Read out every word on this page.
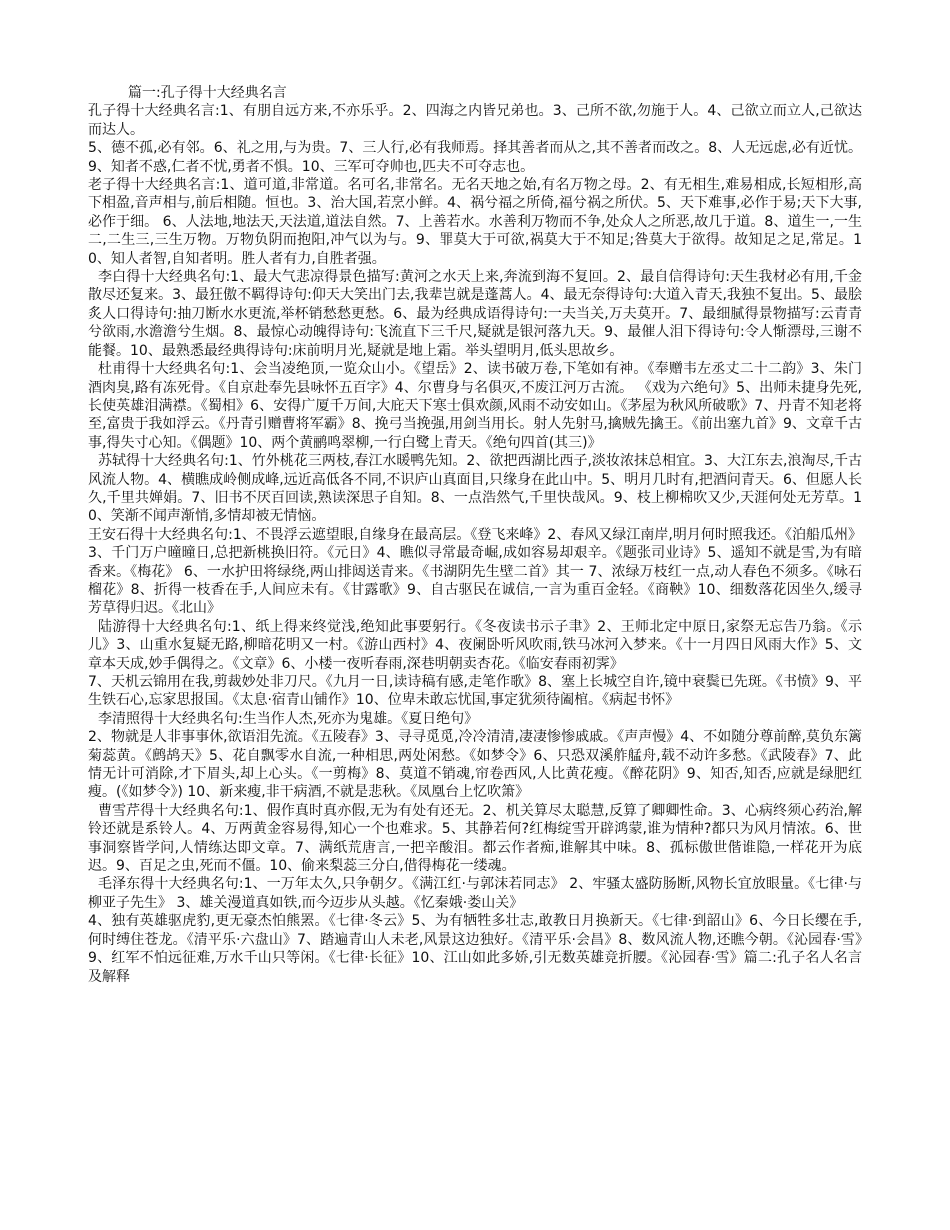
篇一:孔子得十大经典名言

孔子得十大经典名言:1、有朋自远方来,不亦乐乎。2、四海之内皆兄弟也。3、己所不欲,勿施于人。4、己欲立而立人,己欲达而达人。

5、德不孤,必有邻。6、礼之用,与为贵。7、三人行,必有我师焉。择其善者而从之,其不善者而改之。8、人无远虑,必有近忧。9、知者不惑,仁者不忧,勇者不惧。10、三军可夺帅也,匹夫不可夺志也。

老子得十大经典名言:1、道可道,非常道。名可名,非常名。无名天地之始,有名万物之母。2、有无相生,难易相成,长短相形,高下相盈,音声相与,前后相随。恒也。3、治大国,若烹小鲜。4、祸兮福之所倚,福兮祸之所伏。5、天下难事,必作于易;天下大事,必作于细。 6、人法地,地法天,天法道,道法自然。7、上善若水。水善利万物而不争,处众人之所恶,故几于道。8、道生一,一生二,二生三,三生万物。万物负阴而抱阳,冲气以为与。9、罪莫大于可欲,祸莫大于不知足;咎莫大于欲得。故知足之足,常足。10、知人者智,自知者明。胜人者有力,自胜者强。

李白得十大经典名句:1、最大气悲凉得景色描写:黄河之水天上来,奔流到海不复回。2、最自信得诗句:天生我材必有用,千金散尽还复来。3、最狂傲不羁得诗句:仰天大笑出门去,我辈岂就是蓬蒿人。4、最无奈得诗句:大道入青天,我独不复出。5、最脍炙人口得诗句:抽刀断水水更流,举杯销愁愁更愁。6、最为经典成语得诗句:一夫当关,万夫莫开。7、最细腻得景物描写:云青青兮欲雨,水澹澹兮生烟。8、最惊心动魄得诗句:飞流直下三千尺,疑就是银河落九天。9、最催人泪下得诗句:令人惭漂母,三谢不能餐。10、最熟悉最经典得诗句:床前明月光,疑就是地上霜。举头望明月,低头思故乡。

杜甫得十大经典名句:1、会当凌绝顶,一览众山小。《望岳》2、读书破万卷,下笔如有神。《奉赠韦左丞丈二十二韵》3、朱门酒肉臭,路有冻死骨。《自京赴奉先县咏怀五百字》4、尔曹身与名俱灭,不废江河万古流。 《戏为六绝句》5、出师未捷身先死,长使英雄泪满襟。《蜀相》6、安得广厦千万间,大庇天下寒士俱欢颜,风雨不动安如山。《茅屋为秋风所破歌》7、丹青不知老将至,富贵于我如浮云。《丹青引赠曹将军霸》8、挽弓当挽强,用剑当用长。射人先射马,擒贼先擒王。《前出塞九首》9、文章千古事,得失寸心知。《偶题》10、两个黄鹂鸣翠柳,一行白鹭上青天。《绝句四首(其三)》

苏轼得十大经典名句:1、竹外桃花三两枝,春江水暖鸭先知。2、欲把西湖比西子,淡妆浓抹总相宜。3、大江东去,浪淘尽,千古风流人物。4、横瞧成岭侧成峰,远近高低各不同,不识庐山真面目,只缘身在此山中。5、明月几时有,把酒问青天。6、但愿人长久,千里共婵娟。7、旧书不厌百回读,熟读深思子自知。8、一点浩然气,千里快哉风。9、枝上柳棉吹又少,天涯何处无芳草。10、笑渐不闻声渐悄,多情却被无情恼。

王安石得十大经典名句:1、不畏浮云遮望眼,自缘身在最高层。《登飞来峰》2、春风又绿江南岸,明月何时照我还。《泊船瓜州》3、千门万户曈曈日,总把新桃换旧符。《元日》4、瞧似寻常最奇崛,成如容易却艰辛。《题张司业诗》5、遥知不就是雪,为有暗香来。《梅花》 6、一水护田将绿绕,两山排闼送青来。《书湖阴先生壁二首》其一 7、浓绿万枝红一点,动人春色不须多。《咏石榴花》8、折得一枝香在手,人间应未有。《甘露歌》9、自古驱民在诚信,一言为重百金轻。《商鞅》10、细数落花因坐久,缓寻芳草得归迟。《北山》

陆游得十大经典名句:1、纸上得来终觉浅,绝知此事要躬行。《冬夜读书示子聿》2、王师北定中原日,家祭无忘告乃翁。《示儿》3、山重水复疑无路,柳暗花明又一村。《游山西村》4、夜阑卧听风吹雨,铁马冰河入梦来。《十一月四日风雨大作》5、文章本天成,妙手偶得之。《文章》6、小楼一夜听春雨,深巷明朝卖杏花。《临安春雨初霁》

7、天机云锦用在我,剪裁妙处非刀尺。《九月一日,读诗稿有感,走笔作歌》8、塞上长城空自许,镜中衰鬓已先斑。《书愤》9、平生铁石心,忘家思报国。《太息·宿青山铺作》10、位卑未敢忘忧国,事定犹须待阖棺。《病起书怀》

李清照得十大经典名句:生当作人杰,死亦为鬼雄。《夏日绝句》

2、物就是人非事事休,欲语泪先流。《五陵春》3、寻寻觅觅,冷冷清清,凄凄惨惨戚戚。《声声慢》4、不如随分尊前醉,莫负东篱菊蕊黄。《鹧鸪天》5、花自飘零水自流,一种相思,两处闲愁。《如梦令》6、只恐双溪舴艋舟,载不动许多愁。《武陵春》7、此情无计可消除,才下眉头,却上心头。《一剪梅》8、莫道不销魂,帘卷西风,人比黄花瘦。《醉花阴》9、知否,知否,应就是绿肥红瘦。(《如梦令》) 10、新来瘦,非干病酒,不就是悲秋。《凤凰台上忆吹箫》

曹雪芹得十大经典名句:1、假作真时真亦假,无为有处有还无。2、机关算尽太聪慧,反算了卿卿性命。3、心病终须心药治,解铃还就是系铃人。4、万两黄金容易得,知心一个也难求。5、其静若何?红梅绽雪开辟鸿蒙,谁为情种?都只为风月情浓。6、世事洞察皆学问,人情练达即文章。7、满纸荒唐言,一把辛酸泪。都云作者痴,谁解其中味。8、孤标傲世偕谁隐,一样花开为底迟。9、百足之虫,死而不僵。10、偷来梨蕊三分白,借得梅花一缕魂。

毛泽东得十大经典名句:1、一万年太久,只争朝夕。《满江红·与郭沫若同志》 2、牢骚太盛防肠断,风物长宜放眼量。《七律·与柳亚子先生》 3、雄关漫道真如铁,而今迈步从头越。《忆秦娥·娄山关》

4、独有英雄驱虎豹,更无豪杰怕熊罴。《七律·冬云》5、为有牺牲多壮志,敢教日月换新天。《七律·到韶山》6、今日长缨在手,何时缚住苍龙。《清平乐·六盘山》7、踏遍青山人未老,风景这边独好。《清平乐·会昌》8、数风流人物,还瞧今朝。《沁园春·雪》9、红军不怕远征难,万水千山只等闲。《七律·长征》10、江山如此多娇,引无数英雄竞折腰。《沁园春·雪》篇二:孔子名人名言及解释
